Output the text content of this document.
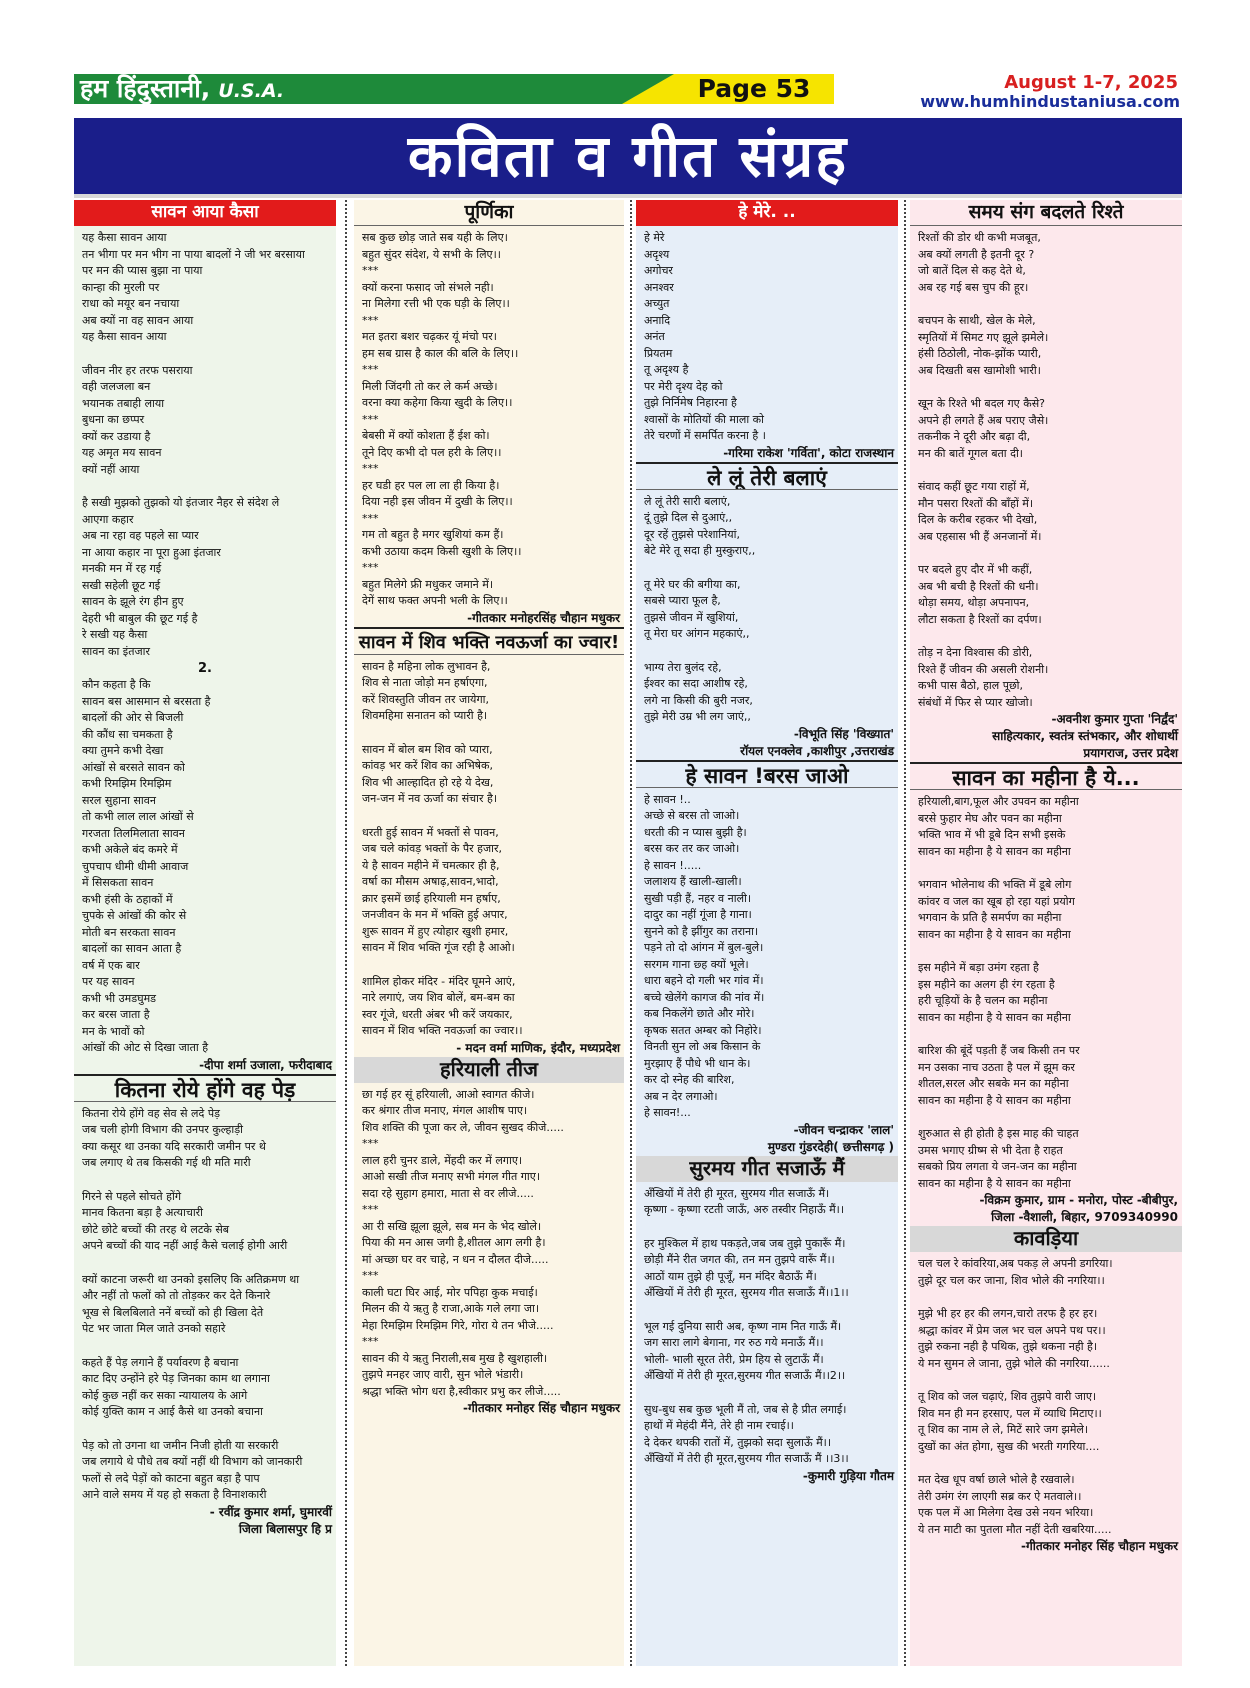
हम हिंदुस्तानी, U.S.A.	Page 53	August 1-7, 2025
www.humhindustaniusa.com
कविता व गीत संग्रह
सावन आया कैसा
यह कैसा सावन आया
तन भीगा पर मन भीग ना पाया बादलों ने जी भर बरसाया
पर मन की प्यास बुझा ना पाया
कान्हा की मुरली पर
राधा को मयूर बन नचाया
अब क्यों ना वह सावन आया
यह कैसा सावन आया
जीवन नीर हर तरफ पसराया
वही जलजला बन
भयानक तबाही लाया
बुधना का छप्पर
क्यों कर उडाया है
यह अमृत मय सावन
क्यों नहीं आया
है सखी मुझको तुझको यो इंतजार नैहर से संदेश ले
आएगा कहार
अब ना रहा वह पहले सा प्यार
ना आया कहार ना पूरा हुआ इंतजार
मनकी मन में रह गई
सखी सहेली छूट गई
सावन के झूले रंग हीन हुए
देहरी भी बाबुल की छूट गई है
रे सखी यह कैसा
सावन का इंतजार
2.
कौन कहता है कि
सावन बस आसमान से बरसता है
बादलों की ओर से बिजली
की कौंध सा चमकता है
क्या तुमने कभी देखा
आंखों से बरसते सावन को
कभी रिमझिम रिमझिम
सरल सुहाना सावन
तो कभी लाल लाल आंखों से
गरजता तिलमिलाता सावन
कभी अकेले बंद कमरे में
चुपचाप धीमी धीमी आवाज
में सिसकता सावन
कभी हंसी के ठहाकों में
चुपके से आंखों की कोर से
मोती बन सरकता सावन
बादलों का सावन आता है
वर्ष में एक बार
पर यह सावन
कभी भी उमडघुमड
कर बरस जाता है
मन के भावों को
आंखों की ओट से दिखा जाता है
-दीपा शर्मा उजाला, फरीदाबाद
कितना रोये होंगे वह पेड़
कितना रोये होंगे वह सेव से लदे पेड़
जब चली होगी विभाग की उनपर कुल्हाड़ी
क्या कसूर था उनका यदि सरकारी जमीन पर थे
जब लगाए थे तब किसकी गई थी मति मारी
गिरने से पहले सोचते होंगे
मानव कितना बड़ा है अत्याचारी
छोटे छोटे बच्चों की तरह थे लटके सेब
अपने बच्चों की याद नहीं आई कैसे चलाई होगी आरी
क्यों काटना जरूरी था उनको इसलिए कि अतिक्रमण था
और नहीं तो फलों को तो तोड़कर कर देते किनारे
भूख से बिलबिलाते ननें बच्चों को ही खिला देते
पेट भर जाता मिल जाते उनको सहारे
कहते हैं पेड़ लगाने हैं पर्यावरण है बचाना
काट दिए उन्होंने हरे पेड़ जिनका काम था लगाना
कोई कुछ नहीं कर सका न्यायालय के आगे
कोई युक्ति काम न आई कैसे था उनको बचाना
पेड़ को तो उगना था जमीन निजी होती या सरकारी
जब लगाये थे पौधे तब क्यों नहीं थी विभाग को जानकारी
फलों से लदे पेड़ों को काटना बहुत बड़ा है पाप
आने वाले समय में यह हो सकता है विनाशकारी
- रवींद्र कुमार शर्मा, घुमारवीं
जिला बिलासपुर हि प्र
पूर्णिका
सब कुछ छोड़ जाते सब यही के लिए।
बहुत सुंदर संदेश, ये सभी के लिए।।
***
क्यों करना फसाद जो संभले नही।
ना मिलेगा रत्ती भी एक घड़ी के लिए।।
***
मत इतरा बशर चढ़कर यूं मंचो पर।
हम सब ग्रास है काल की बलि के लिए।।
***
मिली जिंदगी तो कर ले कर्म अच्छे।
वरना क्या कहेगा किया खुदी के लिए।।
***
बेबसी में क्यों कोशता हैं ईश को।
तूने दिए कभी दो पल हरी के लिए।।
***
हर घडी हर पल ला ला ही किया है।
दिया नही इस जीवन में दुखी के लिए।।
***
गम तो बहुत है मगर खुशियां कम हैं।
कभी उठाया कदम किसी खुशी के लिए।।
***
बहुत मिलेगे फ्री मधुकर जमाने में।
देगें साथ फक्त अपनी भली के लिए।।
-गीतकार मनोहरसिंह चौहान मधुकर
सावन में शिव भक्ति नवऊर्जा का ज्वार!
सावन है महिना लोक लुभावन है,
शिव से नाता जोड़ो मन हर्षाएगा,
करें शिवस्तुति जीवन तर जायेगा,
शिवमहिमा सनातन को प्यारी है।
सावन में बोल बम शिव को प्यारा,
कांवड़ भर करें शिव का अभिषेक,
शिव भी आल्हादित हो रहे ये देख,
जन-जन में नव ऊर्जा का संचार है।
धरती हुई सावन में भक्तों से पावन,
जब चले कांवड़ भक्तों के पैर हजार,
ये है सावन महीने में चमत्कार ही है,
वर्षा का मौसम अषाढ़,सावन,भादो,
क्रार इसमें छाई हरियाली मन हर्षाए,
जनजीवन के मन में भक्ति हुई अपार,
शुरू सावन में हुए त्योहार खुशी हमार,
सावन में शिव भक्ति गूंज रही है आओ।
शामिल होकर मंदिर - मंदिर घूमने आएं,
नारे लगाएं, जय शिव बोलें, बम-बम का
स्वर गूंजे, धरती अंबर भी करें जयकार,
सावन में शिव भक्ति नवऊर्जा का ज्वार।।
- मदन वर्मा माणिक, इंदौर, मध्यप्रदेश
हरियाली तीज
छा गई हर सूं हरियाली, आओ स्वागत कीजे।
कर श्रंगार तीज मनाए, मंगल आशीष पाए।
शिव शक्ति की पूजा कर ले, जीवन सुखद कीजे.....
***
लाल हरी चुनर डाले, मेंहदी कर में लगाए।
आओ सखी तीज मनाए सभी मंगल गीत गाए।
सदा रहे सुहाग हमारा, माता से वर लीजे.....
***
आ री सखि झूला झूले, सब मन के भेद खोले।
पिया की मन आस जगी है,शीतल आग लगी है।
मां अच्छा घर वर चाहे, न धन न दौलत दीजे.....
***
काली घटा घिर आई, मोर पपिहा कुक मचाई।
मिलन की ये ऋतु है राजा,आके गले लगा जा।
मेहा रिमझिम रिमझिम गिरे, गोरा ये तन भीजे.....
***
सावन की ये ऋतु निराली,सब मुख है खुशहाली।
तुझपे मनहर जाए वारी, सुन भोले भंडारी।
श्रद्धा भक्ति भोग धरा है,स्वीकार प्रभु कर लीजे.....
-गीतकार मनोहर सिंह चौहान मधुकर
हे मेरे. ..
हे मेरे
अदृश्य
अगोचर
अनश्वर
अच्युत
अनादि
अनंत
प्रियतम
तू अदृश्य है
पर मेरी दृश्य देह को
तुझे निर्निमेष निहारना है
श्वासों के मोतियों की माला को
तेरे चरणों में समर्पित करना है ।
-गरिमा राकेश 'गर्विता', कोटा राजस्थान
ले लूं तेरी बलाएं
ले लूं तेरी सारी बलाएं,
दूं तुझे दिल से दुआएं,,
दूर रहें तुझसे परेशानियां,
बेटे मेरे तू सदा ही मुस्कुराए,,
तू मेरे घर की बगीया का,
सबसे प्यारा फूल है,
तुझसे जीवन में खुशियां,
तू मेरा घर आंगन महकाएं,,
भाग्य तेरा बुलंद रहे,
ईश्वर का सदा आशीष रहे,
लगे ना किसी की बुरी नजर,
तुझे मेरी उम्र भी लग जाएं,,
-विभूति सिंह 'विख्यात'
रॉयल एनक्लेव ,काशीपुर ,उत्तराखंड
हे सावन !बरस जाओ
हे सावन !..
अच्छे से बरस तो जाओ।
धरती की न प्यास बुझी है।
बरस कर तर कर जाओ।
हे सावन !.....
जलाशय हैं खाली-खाली।
सुखी पड़ी हैं, नहर व नाली।
दादुर का नहीं गूंजा है गाना।
सुनने को है झींगुर का तराना।
पड़ने तो दो आंगन में बुल-बुले।
सरगम गाना छ्ह क्यों भूले।
धारा बहने दो गली भर गांव में।
बच्चे खेलेंगे कागज की नांव में।
कब निकलेंगे छाते और मोरे।
कृषक सतत अम्बर को निहोरे।
विनती सुन लो अब किसान के
मुरझाए हैं पौधे भी धान के।
कर दो स्नेह की बारिश,
अब न देर लगाओ।
हे सावन!...
-जीवन चन्द्राकर 'लाल'
मुण्डरा गुंडरदेही( छत्तीसगढ़ )
सुरमय गीत सजाऊँ मैं
अँखियों में तेरी ही मूरत, सुरमय गीत सजाऊँ मैं।
कृष्णा - कृष्णा रटती जाऊँ, अरु तस्वीर निहाऊँ मैं।।
हर मुश्किल में हाथ पकड़ते,जब जब तुझे पुकारूँ मैं।
छोड़ी मैंने रीत जगत की, तन मन तुझपे वारूँ मैं।।
आठों याम तुझे ही पूजूँ, मन मंदिर बैठाऊँ मैं।
अँखियों में तेरी ही मूरत, सुरमय गीत सजाऊँ मैं।।1।।
भूल गई दुनिया सारी अब, कृष्ण नाम नित गाऊँ मैं।
जग सारा लागे बेगाना, गर रुठ गये मनाऊँ मैं।।
भोली- भाली सूरत तेरी, प्रेम हिय से लुटाऊँ मैं।
अँखियों में तेरी ही मूरत,सुरमय गीत सजाऊँ मैं।।2।।
सुध-बुध सब कुछ भूली मैं तो, जब से है प्रीत लगाई।
हाथों में मेहंदी मैंने, तेरे ही नाम रचाई।।
दे देकर थपकी रातों में, तुझको सदा सुलाऊँ मैं।।
अँखियों में तेरी ही मूरत,सुरमय गीत सजाऊँ मैं ।।3।।
-कुमारी गुड़िया गौतम
समय संग बदलते रिश्ते
रिश्तों की डोर थी कभी मजबूत,
अब क्यों लगती है इतनी दूर ?
जो बातें दिल से कह देते थे,
अब रह गई बस चुप की हूर।
बचपन के साथी, खेल के मेले,
स्मृतियों में सिमट गए झूले झमेले।
हंसी ठिठोली, नोक-झोंक प्यारी,
अब दिखती बस खामोशी भारी।
खून के रिश्ते भी बदल गए कैसे?
अपने ही लगते हैं अब पराए जैसे।
तकनीक ने दूरी और बढ़ा दी,
मन की बातें गूगल बता दी।
संवाद कहीं छूट गया राहों में,
मौन पसरा रिश्तों की बाँहों में।
दिल के करीब रहकर भी देखो,
अब एहसास भी हैं अनजानों में।
पर बदले हुए दौर में भी कहीं,
अब भी बची है रिश्तों की धनी।
थोड़ा समय, थोड़ा अपनापन,
लौटा सकता है रिश्तों का दर्पण।
तोड़ न देना विश्वास की डोरी,
रिश्ते हैं जीवन की असली रोशनी।
कभी पास बैठो, हाल पूछो,
संबंधों में फिर से प्यार खोजो।
-अवनीश कुमार गुप्ता 'निर्द्वंद'
साहित्यकार, स्वतंत्र स्तंभकार, और शोधार्थी
प्रयागराज, उत्तर प्रदेश
सावन का महीना है ये...
हरियाली,बाग,फूल और उपवन का महीना
बरसे फुहार मेघ और पवन का महीना
भक्ति भाव में भी डूबे दिन सभी इसके
सावन का महीना है ये सावन का महीना
भगवान भोलेनाथ की भक्ति में डूबे लोग
कांवर व जल का खूब हो रहा यहां प्रयोग
भगवान के प्रति है समर्पण का महीना
सावन का महीना है ये सावन का महीना
इस महीने में बड़ा उमंग रहता है
इस महीने का अलग ही रंग रहता है
हरी चूड़ियों के है चलन का महीना
सावन का महीना है ये सावन का महीना
बारिश की बूंदें पड़ती हैं जब किसी तन पर
मन उसका नाच उठता है पल में झूम कर
शीतल,सरल और सबके मन का महीना
सावन का महीना है ये सावन का महीना
शुरुआत से ही होती है इस माह की चाहत
उमस भगाए ग्रीष्म से भी देता है राहत
सबको प्रिय लगता ये जन-जन का महीना
सावन का महीना है ये सावन का महीना
-विक्रम कुमार, ग्राम - मनोरा, पोस्ट -बीबीपुर,
जिला -वैशाली, बिहार, 9709340990
कावड़िया
चल चल रे कांवरिया,अब पकड़ ले अपनी डगरिया।
तुझे दूर चल कर जाना, शिव भोले की नगरिया।।
मुझे भी हर हर की लगन,चारो तरफ है हर हर।
श्रद्धा कांवर में प्रेम जल भर चल अपने पथ पर।।
तुझे रुकना नही है पथिक, तुझे थकना नही है।
ये मन सुमन ले जाना, तुझे भोले की नगरिया......
तू शिव को जल चढ़ाएं, शिव तुझपे वारी जाए।
शिव मन ही मन हरसाए, पल में व्याधि मिटाए।।
तू शिव का नाम ले ले, मिटें सारे जग झमेले।
दुखों का अंत होगा, सुख की भरती गगरिया....
मत देख धूप वर्षा छाले भोले है रखवाले।
तेरी उमंग रंग लाएगी सब्र कर ऐ मतवाले।।
एक पल में आ मिलेगा देख उसे नयन भरिया।
ये तन माटी का पुतला मौत नहीं देती खबरिया.....
-गीतकार मनोहर सिंह चौहान मधुकर
